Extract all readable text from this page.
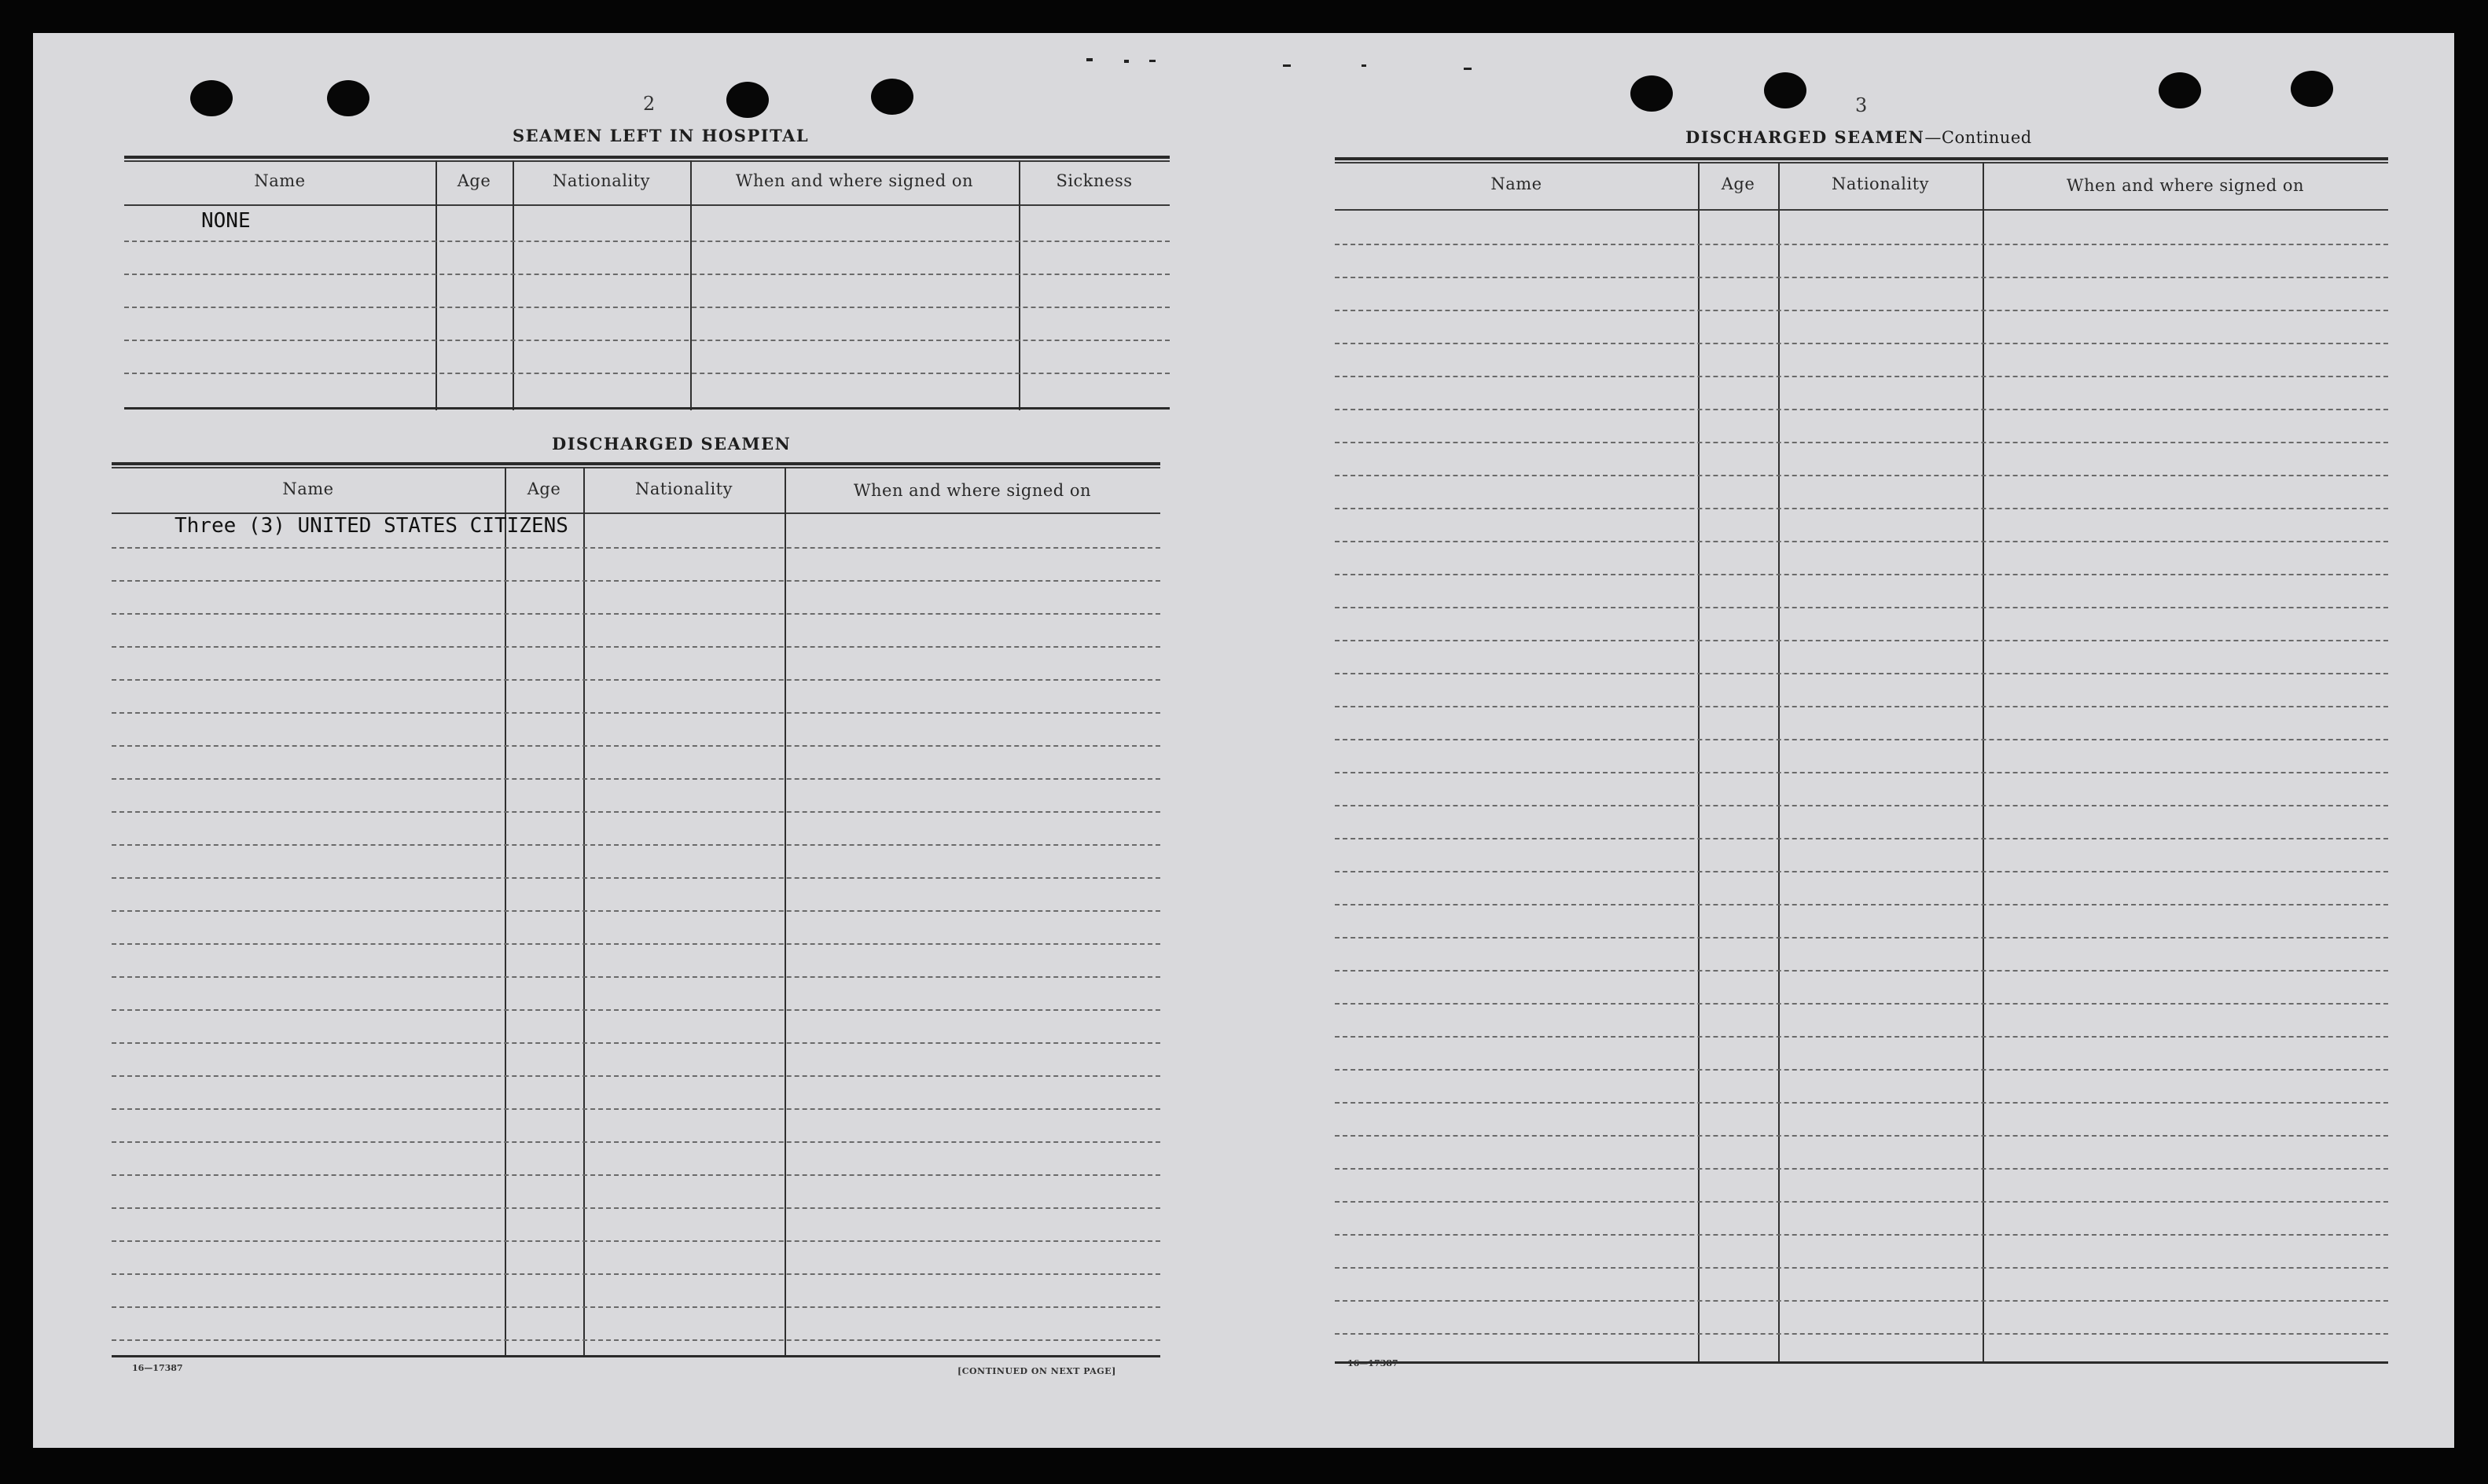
2
SEAMEN LEFT IN HOSPITAL
Name	Age	Nationality	When and where signed on	Sickness
NONE
DISCHARGED SEAMEN
Name	Age	Nationality	When and where signed on
Three (3) UNITED STATES CITIZENS
16—17387	[CONTINUED ON NEXT PAGE]
3
DISCHARGED SEAMEN—Continued
Name	Age	Nationality	When and where signed on
16—17387
